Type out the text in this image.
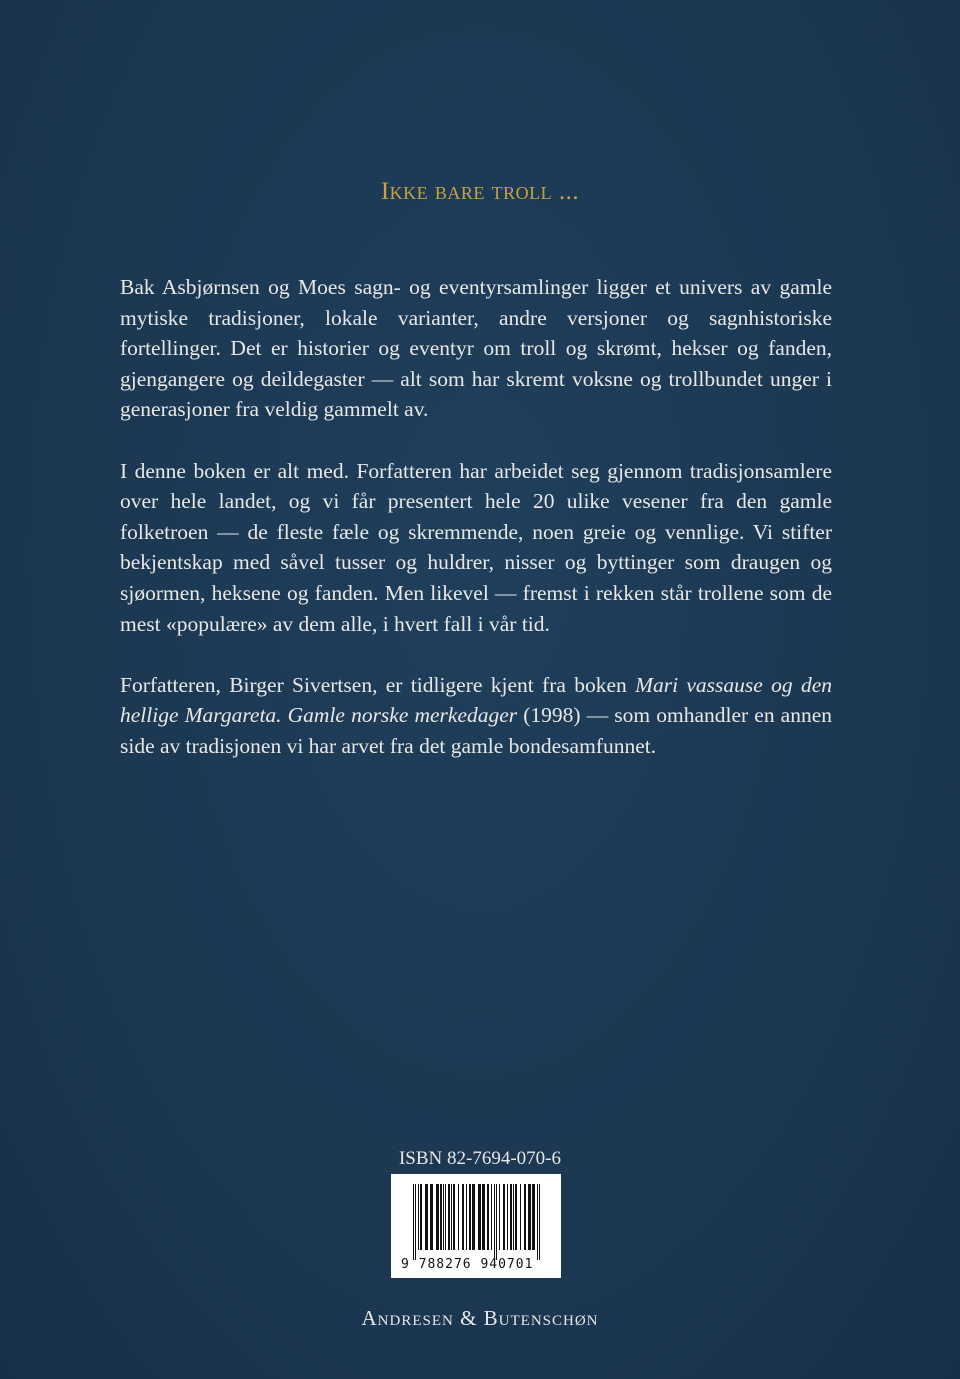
Ikke bare troll ...

Bak Asbjørnsen og Moes sagn- og eventyrsamlinger ligger et univers av gamle mytiske tradisjoner, lokale varianter, andre versjoner og sagnhistoriske fortellinger. Det er historier og eventyr om troll og skrømt, hekser og fanden, gjengangere og deildegaster — alt som har skremt voksne og trollbundet unger i generasjoner fra veldig gammelt av.

I denne boken er alt med. Forfatteren har arbeidet seg gjennom tradisjonsamlere over hele landet, og vi får presentert hele 20 ulike vesener fra den gamle folketroen — de fleste fæle og skremmende, noen greie og vennlige. Vi stifter bekjentskap med såvel tusser og huldrer, nisser og byttinger som draugen og sjøormen, heksene og fanden. Men likevel — fremst i rekken står trollene som de mest «populære» av dem alle, i hvert fall i vår tid.

Forfatteren, Birger Sivertsen, er tidligere kjent fra boken Mari vassause og den hellige Margareta. Gamle norske merkedager (1998) — som omhandler en annen side av tradisjonen vi har arvet fra det gamle bondesamfunnet.

ISBN 82-7694-070-6
9 788276 940701
Andresen & Butenschøn
